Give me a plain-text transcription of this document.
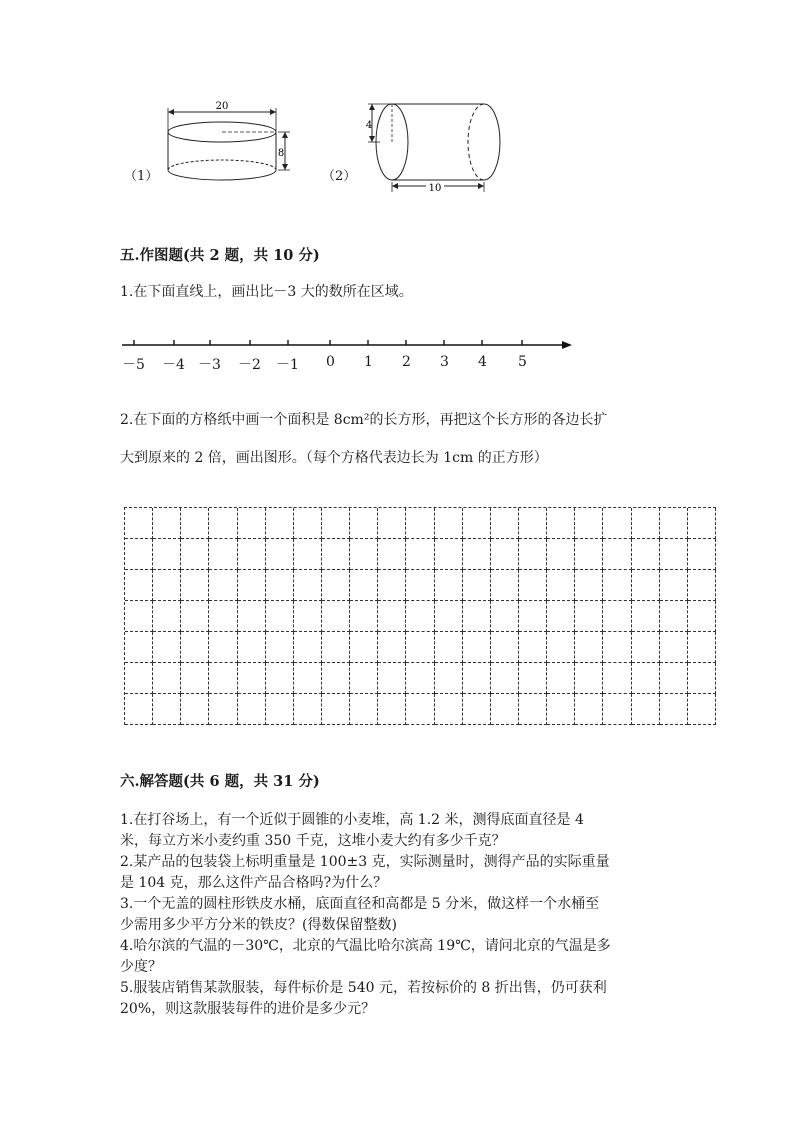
（1）
20
8
（2）
4
10
五.作图题(共 2 题，共 10 分)
1.在下面直线上，画出比－3 大的数所在区域。
－5 －4 －3 －2 －1 0 1 2 3 4 5
2.在下面的方格纸中画一个面积是 8cm²的长方形，再把这个长方形的各边长扩
大到原来的 2 倍，画出图形。（每个方格代表边长为 1cm 的正方形）
六.解答题(共 6 题，共 31 分)
1.在打谷场上，有一个近似于圆锥的小麦堆，高 1.2 米，测得底面直径是 4
米，每立方米小麦约重 350 千克，这堆小麦大约有多少千克？
2.某产品的包装袋上标明重量是 100±3 克，实际测量时，测得产品的实际重量
是 104 克，那么这件产品合格吗?为什么？
3.一个无盖的圆柱形铁皮水桶，底面直径和高都是 5 分米，做这样一个水桶至
少需用多少平方分米的铁皮？(得数保留整数)
4.哈尔滨的气温的－30℃，北京的气温比哈尔滨高 19℃，请问北京的气温是多
少度？
5.服装店销售某款服装，每件标价是 540 元，若按标价的 8 折出售，仍可获利
20%，则这款服装每件的进价是多少元？
